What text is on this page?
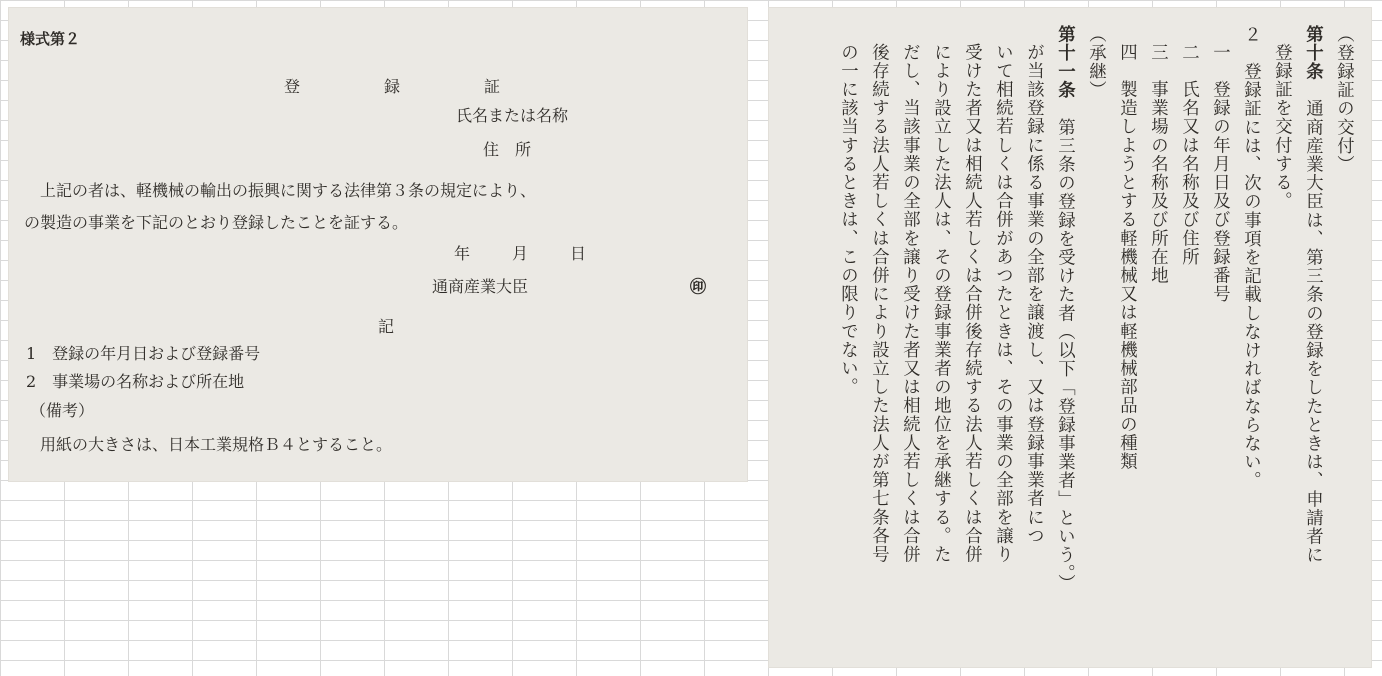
様式第２
登	録	証
氏名または名称
住　所
上記の者は、軽機械の輸出の振興に関する法律第３条の規定により、
の製造の事業を下記のとおり登録したことを証する。
年	月	日
通商産業大臣	㊞
記
1　登録の年月日および登録番号
2　事業場の名称および所在地
（備考）
用紙の大きさは、日本工業規格Ｂ４とすること。
（登録証の交付）
第十条　通商産業大臣は、第三条の登録をしたときは、申請者に
登録証を交付する。
２　登録証には、次の事項を記載しなければならない。
一　登録の年月日及び登録番号
二　氏名又は名称及び住所
三　事業場の名称及び所在地
四　製造しようとする軽機械又は軽機械部品の種類
（承継）
第十一条　第三条の登録を受けた者（以下「登録事業者」という。）
が当該登録に係る事業の全部を譲渡し、又は登録事業者につ
いて相続若しくは合併があつたときは、その事業の全部を譲り
受けた者又は相続人若しくは合併後存続する法人若しくは合併
により設立した法人は、その登録事業者の地位を承継する。た
だし、当該事業の全部を譲り受けた者又は相続人若しくは合併
後存続する法人若しくは合併により設立した法人が第七条各号
の一に該当するときは、この限りでない。
